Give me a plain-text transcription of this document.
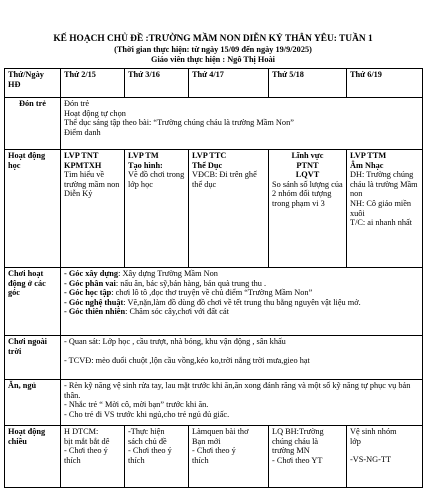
KẾ HOẠCH CHỦ ĐỀ :TRƯỜNG MẦM NON DIỄN KỶ THÂN YÊU: TUẦN 1
(Thời gian thực hiện: từ ngày 15/09 đến ngày 19/9/2025)
Giáo viên thực hiện : Ngô Thị Hoài
Thứ/Ngày HĐ	Thứ 2/15	Thứ 3/16	Thứ 4/17	Thứ 5/18	Thứ 6/19
Đón trẻ	Đón trẻ
Hoạt động tự chọn
Thể dục sáng tập theo bài: “Trường chúng cháu là trường Mầm Non”
Điểm danh				

Hoạt động học	LVP TNT
KPMTXH
Tìm hiểu về trường mầm non Diễn Kỷ	LVP TM
Tạo hình:
Vẽ đồ chơi trong lớp học	LVP TTC
Thể Dục
VĐCB: Đi trên ghế thể dục	Lĩnh vực
PTNT
LQVT
So sánh số lượng của 2 nhóm đối tượng trong phạm vi 3	LVP TTM
Âm Nhạc
DH: Trường chúng cháu là trường Mầm non
NH: Cô giáo miền xuôi
T/C: ai nhanh nhất

Chơi hoạt động ở các góc	- Góc xây dựng: Xây dựng Trường Mầm Non
- Góc phân vai: nấu ăn, bác sỹ,bán hàng, bán quà trung thu .
- Góc học tập: chơi lô tô ,đọc thơ truyện về chủ điểm “Trường Mầm Non”
- Góc nghệ thuật: Vẽ,nặn,làm đồ dùng đồ chơi về tết trung thu bằng nguyên vật liệu mở.
- Góc thiên nhiên: Chăm sóc cây,chơi với đất cát				

Chơi ngoài trời	- Quan sát: Lớp học , cầu trượt, nhà bóng, khu vận động , sân khấu
- TCVĐ: mèo đuổi chuột ,lộn cầu vồng,kéo ko,trời nắng trời mưa,gieo hạt				

Ăn, ngủ	- Rèn kỹ năng vệ sinh rửa tay, lau mặt trước khi ăn,ăn xong đánh răng và một số kỹ năng tự phục vụ bản thân.
- Nhắc trẻ “ Mời cô, mời bạn” trước khi ăn.
- Cho trẻ đi VS trước khi ngủ,cho trẻ ngủ đủ giấc.				

Hoạt động chiều	H DTCM:
bịt mắt bắt dê
- Chơi theo ý
thích	-Thực hiện
sách chủ đề
- Chơi theo ý
thích	Làmquen bài thơ
Bạn mới
- Chơi theo ý
thích	LQ BH:Trường
chúng cháu là
trường MN
- Chơi theo YT	Vệ sinh nhóm
lớp
-VS-NG-TT
